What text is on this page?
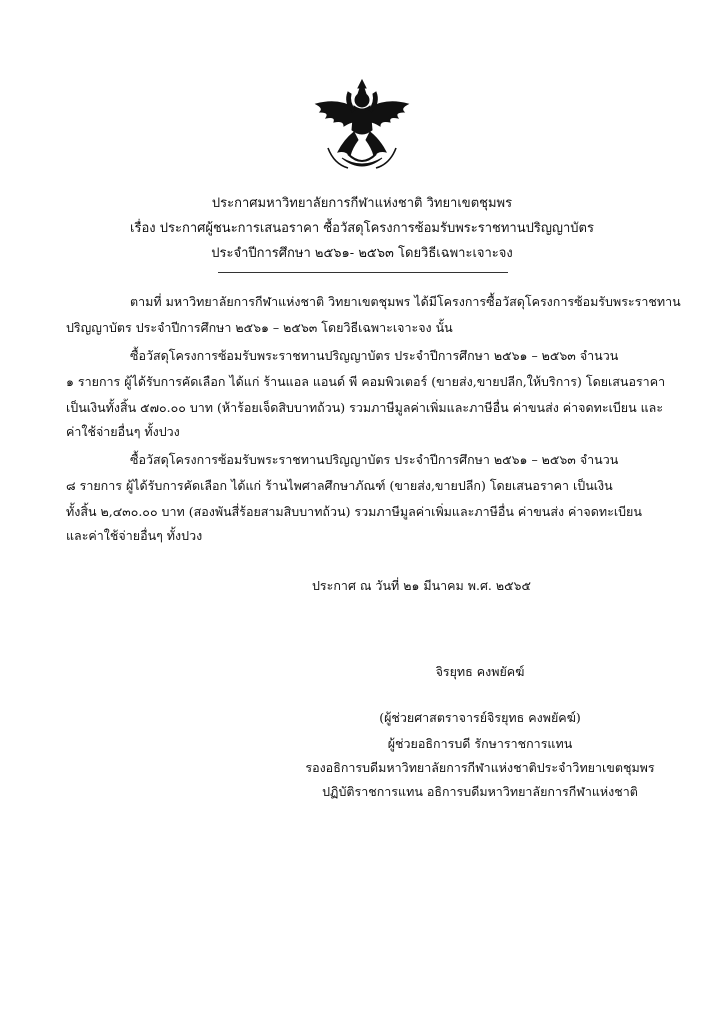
ประกาศมหาวิทยาลัยการกีฬาแห่งชาติ วิทยาเขตชุมพร
เรื่อง ประกาศผู้ชนะการเสนอราคา ซื้อวัสดุโครงการซ้อมรับพระราชทานปริญญาบัตร
ประจำปีการศึกษา ๒๕๖๑- ๒๕๖๓ โดยวิธีเฉพาะเจาะจง
ตามที่ มหาวิทยาลัยการกีฬาแห่งชาติ วิทยาเขตชุมพร ได้มีโครงการซื้อวัสดุโครงการซ้อมรับพระราชทาน
ปริญญาบัตร ประจำปีการศึกษา ๒๕๖๑ – ๒๕๖๓ โดยวิธีเฉพาะเจาะจง นั้น
ซื้อวัสดุโครงการซ้อมรับพระราชทานปริญญาบัตร ประจำปีการศึกษา ๒๕๖๑ – ๒๕๖๓ จำนวน
๑ รายการ ผู้ได้รับการคัดเลือก ได้แก่ ร้านแอล แอนด์ พี คอมพิวเตอร์ (ขายส่ง,ขายปลีก,ให้บริการ) โดยเสนอราคา
เป็นเงินทั้งสิ้น ๕๗๐.๐๐ บาท (ห้าร้อยเจ็ดสิบบาทถ้วน) รวมภาษีมูลค่าเพิ่มและภาษีอื่น ค่าขนส่ง ค่าจดทะเบียน และ
ค่าใช้จ่ายอื่นๆ ทั้งปวง
ซื้อวัสดุโครงการซ้อมรับพระราชทานปริญญาบัตร ประจำปีการศึกษา ๒๕๖๑ – ๒๕๖๓ จำนวน
๘ รายการ ผู้ได้รับการคัดเลือก ได้แก่ ร้านไพศาลศึกษาภัณฑ์ (ขายส่ง,ขายปลีก) โดยเสนอราคา เป็นเงิน
ทั้งสิ้น ๒,๔๓๐.๐๐ บาท (สองพันสี่ร้อยสามสิบบาทถ้วน) รวมภาษีมูลค่าเพิ่มและภาษีอื่น ค่าขนส่ง ค่าจดทะเบียน
และค่าใช้จ่ายอื่นๆ ทั้งปวง
ประกาศ ณ วันที่ ๒๑ มีนาคม พ.ศ. ๒๕๖๕
จิรยุทธ คงพยัคฆ์
(ผู้ช่วยศาสตราจารย์จิรยุทธ คงพยัคฆ์)
ผู้ช่วยอธิการบดี รักษาราชการแทน
รองอธิการบดีมหาวิทยาลัยการกีฬาแห่งชาติประจำวิทยาเขตชุมพร
ปฏิบัติราชการแทน อธิการบดีมหาวิทยาลัยการกีฬาแห่งชาติ
